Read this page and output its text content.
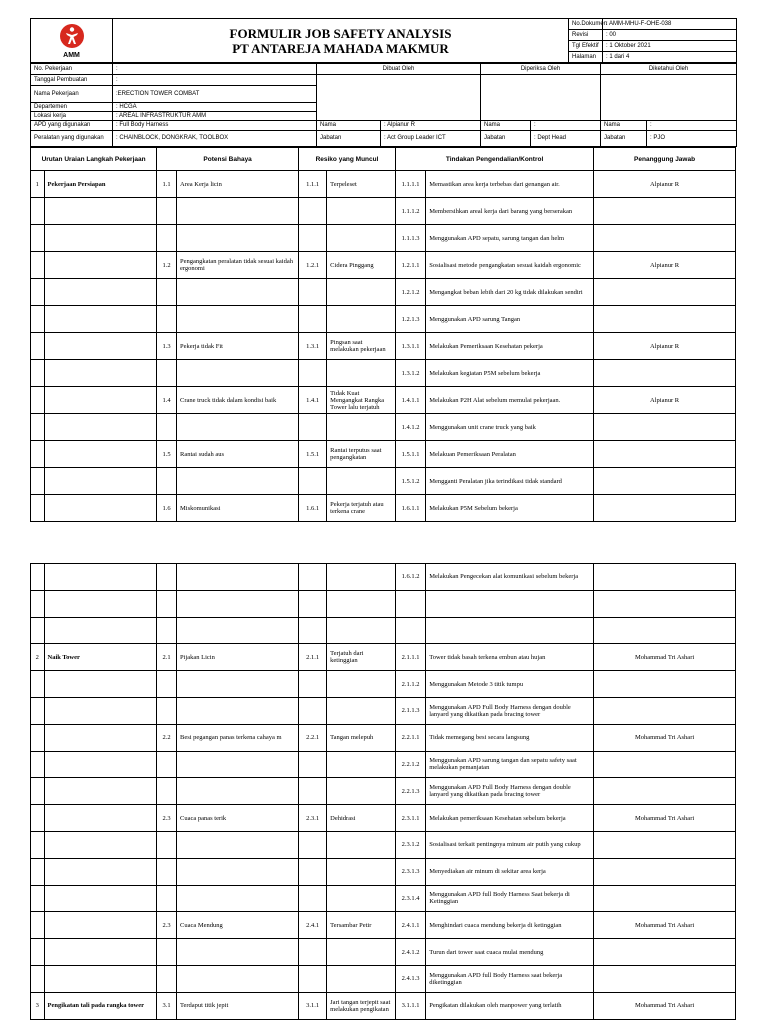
AMM	FORMULIR JOB SAFETY ANALYSIS
PT ANTAREJA MAHADA MAKMUR	No.Dokumen	: AMM-MHU-F-OHE-038
		Revisi	: 00
		Tgl Efektif	: 1 Oktober 2021
		Halaman	: 1 dari 4
No. Pekerjaan	:	Dibuat Oleh		Diperiksa Oleh		Diketahui Oleh	
Tanggal Pembuatan	:						
Nama Pekerjaan	:ERECTION TOWER COMBAT						
Departemen	: HCGA						
Lokasi kerja	: AREAL INFRASTRUKTUR AMM						
APD yang digunakan	: Full Body Harness	Nama	: Alpianur R	Nama	:	Nama	:
Peralatan yang digunakan	: CHAINBLOCK, DONGKRAK, TOOLBOX	Jabatan	: Act Group Leader ICT	Jabatan	: Dept Head	Jabatan	: PJO
Urutan Uraian Langkah Pekerjaan		Potensi Bahaya		Resiko yang Muncul		Tindakan Pengendalian/Kontrol		Penanggung Jawab
1	Pekerjaan Persiapan	1.1	Area Kerja licin	1.1.1	Terpeleset	1.1.1.1	Memastikan area kerja terbebas dari genangan air.	Alpianur R
						1.1.1.2	Membersihkan areal kerja dari barang yang berserakan	
						1.1.1.3	Menggunakan APD sepatu, sarung tangan dan helm	
		1.2	Pengangkatan peralatan tidak sesuai kaidah ergonomi	1.2.1	Cidera Pinggang	1.2.1.1	Sosialisasi metode pengangkatan sesuai kaidah ergonomic	Alpianur R
						1.2.1.2	Mengangkat beban lebih dari 20 kg tidak dilakukan sendiri	
						1.2.1.3	Menggunakan APD sarung Tangan	
		1.3	Pekerja tidak Fit	1.3.1	Pingsan saat melakukan pekerjaan	1.3.1.1	Melakukan Pemeriksaan Kesehatan pekerja	Alpianur R
						1.3.1.2	Melakukan kegiatan P5M sebelum bekerja	
		1.4	Crane truck tidak dalam kondisi baik	1.4.1	Tidak Kuat Mengangkat Rangka Tower lalu terjatuh	1.4.1.1	Melakukan P2H Alat sebelum memulai pekerjaan.	Alpianur R
						1.4.1.2	Menggunakan unit crane truck yang baik	
		1.5	Rantai sudah aus	1.5.1	Rantai terputus saat pengangkatan	1.5.1.1	Melakuan Pemeriksaan Peralatan	
						1.5.1.2	Mengganti Peralatan jika terindikasi tidak standard	
		1.6	Miskomunikasi	1.6.1	Pekerja terjatuh atau terkena crane	1.6.1.1	Melakukan P5M Sebelum bekerja	
						1.6.1.2	Melakukan Pengecekan alat komunikasi sebelum bekerja	

2	Naik Tower	2.1	Pijakan Licin	2.1.1	Terjatuh dari ketinggian	2.1.1.1	Tower tidak basah terkena embun atau hujan	Mohammad Tri Ashari
						2.1.1.2	Menggunakan Metode 3 titik tumpu	
						2.1.1.3	Menggunakan APD Full Body Harness dengan double lanyard yang dikaitkan pada bracing tower	
		2.2	Besi pegangan panas terkena cahaya m	2.2.1	Tangan melepuh	2.2.1.1	Tidak memegang besi secara langsung	Mohammad Tri Ashari
						2.2.1.2	Menggunakan APD sarung tangan dan sepatu safety saat melakukan pemanjatan	
						2.2.1.3	Menggunakan APD Full Body Harness dengan double lanyard yang dikaitkan pada bracing tower	
		2.3	Cuaca panas terik	2.3.1	Dehidrasi	2.3.1.1	Melakukan pemeriksaan Kesehatan sebelum bekerja	Mohammad Tri Ashari
						2.3.1.2	Sosialisasi terkait pentingnya minum air putih yang cukup	
						2.3.1.3	Menyediakan air minum di sekitar area kerja	
						2.3.1.4	Menggunakan APD full Body Harness Saat bekerja di Ketinggian	
		2.3	Cuaca Mendung	2.4.1	Tersambar Petir	2.4.1.1	Menghindari cuaca mendung bekerja di ketinggian	Mohammad Tri Ashari
						2.4.1.2	Turun dari tower saat cuaca mulai mendung	
						2.4.1.3	Menggunakan APD full Body Harness saat bekerja diketinggian	
3	Pengikatan tali pada rangka tower	3.1	Terdaput titik jepit	3.1.1	Jari tangan terjepit saat melakukan pengikatan	3.1.1.1	Pengikatan dilakukan oleh manpower yang terlatih	Mohammad Tri Ashari
